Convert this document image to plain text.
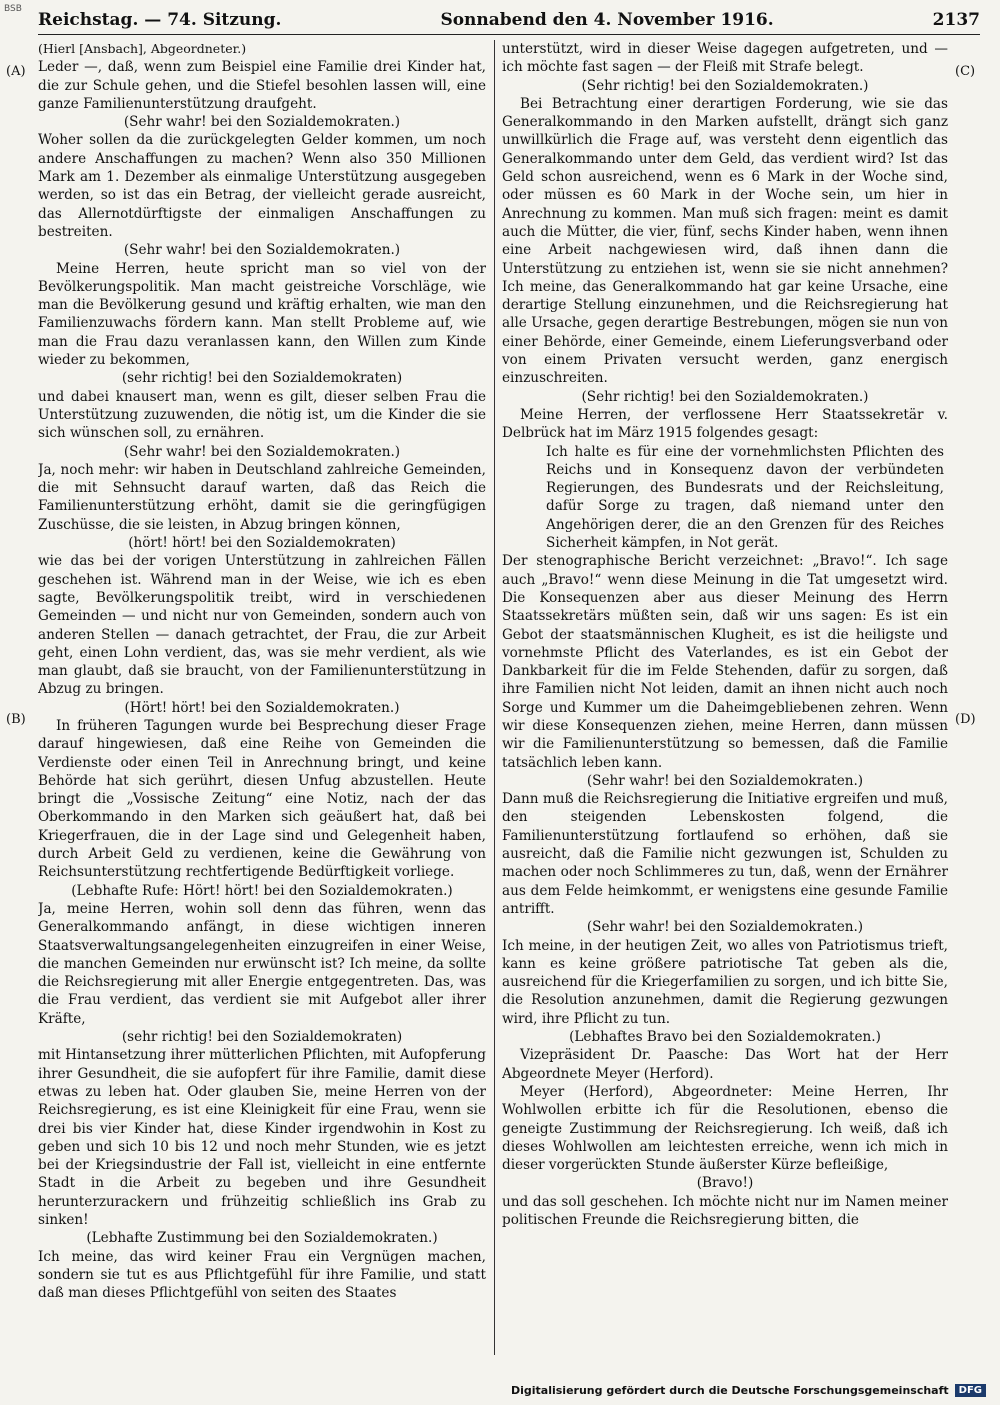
BSB
Reichstag. — 74. Sitzung.	Sonnabend den 4. November 1916.	2137
(A)
(B)
(C)
(D)

(Hierl [Ansbach], Abgeordneter.)

Leder —, daß, wenn zum Beispiel eine Familie drei Kinder hat, die zur Schule gehen, und die Stiefel besohlen lassen will, eine ganze Familienunterstützung draufgeht.

(Sehr wahr! bei den Sozialdemokraten.)

Woher sollen da die zurückgelegten Gelder kommen, um noch andere Anschaffungen zu machen? Wenn also 350 Millionen Mark am 1. Dezember als einmalige Unterstützung ausgegeben werden, so ist das ein Betrag, der vielleicht gerade ausreicht, das Allernotdürftigste der einmaligen Anschaffungen zu bestreiten.

(Sehr wahr! bei den Sozialdemokraten.)

Meine Herren, heute spricht man so viel von der Bevölkerungspolitik. Man macht geistreiche Vorschläge, wie man die Bevölkerung gesund und kräftig erhalten, wie man den Familienzuwachs fördern kann. Man stellt Probleme auf, wie man die Frau dazu veranlassen kann, den Willen zum Kinde wieder zu bekommen,

(sehr richtig! bei den Sozialdemokraten)

und dabei knausert man, wenn es gilt, dieser selben Frau die Unterstützung zuzuwenden, die nötig ist, um die Kinder die sie sich wünschen soll, zu ernähren.

(Sehr wahr! bei den Sozialdemokraten.)

Ja, noch mehr: wir haben in Deutschland zahlreiche Gemeinden, die mit Sehnsucht darauf warten, daß das Reich die Familienunterstützung erhöht, damit sie die geringfügigen Zuschüsse, die sie leisten, in Abzug bringen können,

(hört! hört! bei den Sozialdemokraten)

wie das bei der vorigen Unterstützung in zahlreichen Fällen geschehen ist. Während man in der Weise, wie ich es eben sagte, Bevölkerungspolitik treibt, wird in verschiedenen Gemeinden — und nicht nur von Gemeinden, sondern auch von anderen Stellen — danach getrachtet, der Frau, die zur Arbeit geht, einen Lohn verdient, das, was sie mehr verdient, als wie man glaubt, daß sie braucht, von der Familienunterstützung in Abzug zu bringen.

(Hört! hört! bei den Sozialdemokraten.)

In früheren Tagungen wurde bei Besprechung dieser Frage darauf hingewiesen, daß eine Reihe von Gemeinden die Verdienste oder einen Teil in Anrechnung bringt, und keine Behörde hat sich gerührt, diesen Unfug abzustellen. Heute bringt die „Vossische Zeitung“ eine Notiz, nach der das Oberkommando in den Marken sich geäußert hat, daß bei Kriegerfrauen, die in der Lage sind und Gelegenheit haben, durch Arbeit Geld zu verdienen, keine die Gewährung von Reichsunterstützung rechtfertigende Bedürftigkeit vorliege.

(Lebhafte Rufe: Hört! hört! bei den Sozialdemokraten.)

Ja, meine Herren, wohin soll denn das führen, wenn das Generalkommando anfängt, in diese wichtigen inneren Staatsverwaltungsangelegenheiten einzugreifen in einer Weise, die manchen Gemeinden nur erwünscht ist? Ich meine, da sollte die Reichsregierung mit aller Energie entgegentreten. Das, was die Frau verdient, das verdient sie mit Aufgebot aller ihrer Kräfte,

(sehr richtig! bei den Sozialdemokraten)

mit Hintansetzung ihrer mütterlichen Pflichten, mit Aufopferung ihrer Gesundheit, die sie aufopfert für ihre Familie, damit diese etwas zu leben hat. Oder glauben Sie, meine Herren von der Reichsregierung, es ist eine Kleinigkeit für eine Frau, wenn sie drei bis vier Kinder hat, diese Kinder irgendwohin in Kost zu geben und sich 10 bis 12 und noch mehr Stunden, wie es jetzt bei der Kriegsindustrie der Fall ist, vielleicht in eine entfernte Stadt in die Arbeit zu begeben und ihre Gesundheit herunterzurackern und frühzeitig schließlich ins Grab zu sinken!

(Lebhafte Zustimmung bei den Sozialdemokraten.)

Ich meine, das wird keiner Frau ein Vergnügen machen, sondern sie tut es aus Pflichtgefühl für ihre Familie, und statt daß man dieses Pflichtgefühl von seiten des Staates

unterstützt, wird in dieser Weise dagegen aufgetreten, und — ich möchte fast sagen — der Fleiß mit Strafe belegt.

(Sehr richtig! bei den Sozialdemokraten.)

Bei Betrachtung einer derartigen Forderung, wie sie das Generalkommando in den Marken aufstellt, drängt sich ganz unwillkürlich die Frage auf, was versteht denn eigentlich das Generalkommando unter dem Geld, das verdient wird? Ist das Geld schon ausreichend, wenn es 6 Mark in der Woche sind, oder müssen es 60 Mark in der Woche sein, um hier in Anrechnung zu kommen. Man muß sich fragen: meint es damit auch die Mütter, die vier, fünf, sechs Kinder haben, wenn ihnen eine Arbeit nachgewiesen wird, daß ihnen dann die Unterstützung zu entziehen ist, wenn sie sie nicht annehmen? Ich meine, das Generalkommando hat gar keine Ursache, eine derartige Stellung einzunehmen, und die Reichsregierung hat alle Ursache, gegen derartige Bestrebungen, mögen sie nun von einer Behörde, einer Gemeinde, einem Lieferungsverband oder von einem Privaten versucht werden, ganz energisch einzuschreiten.

(Sehr richtig! bei den Sozialdemokraten.)

Meine Herren, der verflossene Herr Staatssekretär v. Delbrück hat im März 1915 folgendes gesagt:

Ich halte es für eine der vornehmlichsten Pflichten des Reichs und in Konsequenz davon der verbündeten Regierungen, des Bundesrats und der Reichsleitung, dafür Sorge zu tragen, daß niemand unter den Angehörigen derer, die an den Grenzen für des Reiches Sicherheit kämpfen, in Not gerät.

Der stenographische Bericht verzeichnet: „Bravo!“. Ich sage auch „Bravo!“ wenn diese Meinung in die Tat umgesetzt wird. Die Konsequenzen aber aus dieser Meinung des Herrn Staatssekretärs müßten sein, daß wir uns sagen: Es ist ein Gebot der staatsmännischen Klugheit, es ist die heiligste und vornehmste Pflicht des Vaterlandes, es ist ein Gebot der Dankbarkeit für die im Felde Stehenden, dafür zu sorgen, daß ihre Familien nicht Not leiden, damit an ihnen nicht auch noch Sorge und Kummer um die Daheimgebliebenen zehren. Wenn wir diese Konsequenzen ziehen, meine Herren, dann müssen wir die Familienunterstützung so bemessen, daß die Familie tatsächlich leben kann.

(Sehr wahr! bei den Sozialdemokraten.)

Dann muß die Reichsregierung die Initiative ergreifen und muß, den steigenden Lebenskosten folgend, die Familienunterstützung fortlaufend so erhöhen, daß sie ausreicht, daß die Familie nicht gezwungen ist, Schulden zu machen oder noch Schlimmeres zu tun, daß, wenn der Ernährer aus dem Felde heimkommt, er wenigstens eine gesunde Familie antrifft.

(Sehr wahr! bei den Sozialdemokraten.)

Ich meine, in der heutigen Zeit, wo alles von Patriotismus trieft, kann es keine größere patriotische Tat geben als die, ausreichend für die Kriegerfamilien zu sorgen, und ich bitte Sie, die Resolution anzunehmen, damit die Regierung gezwungen wird, ihre Pflicht zu tun.

(Lebhaftes Bravo bei den Sozialdemokraten.)

Vizepräsident Dr. Paasche: Das Wort hat der Herr Abgeordnete Meyer (Herford).

Meyer (Herford), Abgeordneter: Meine Herren, Ihr Wohlwollen erbitte ich für die Resolutionen, ebenso die geneigte Zustimmung der Reichsregierung. Ich weiß, daß ich dieses Wohlwollen am leichtesten erreiche, wenn ich mich in dieser vorgerückten Stunde äußerster Kürze befleißige,

(Bravo!)

und das soll geschehen. Ich möchte nicht nur im Namen meiner politischen Freunde die Reichsregierung bitten, die

Digitalisierung gefördert durch die Deutsche Forschungsgemeinschaft	DFG
